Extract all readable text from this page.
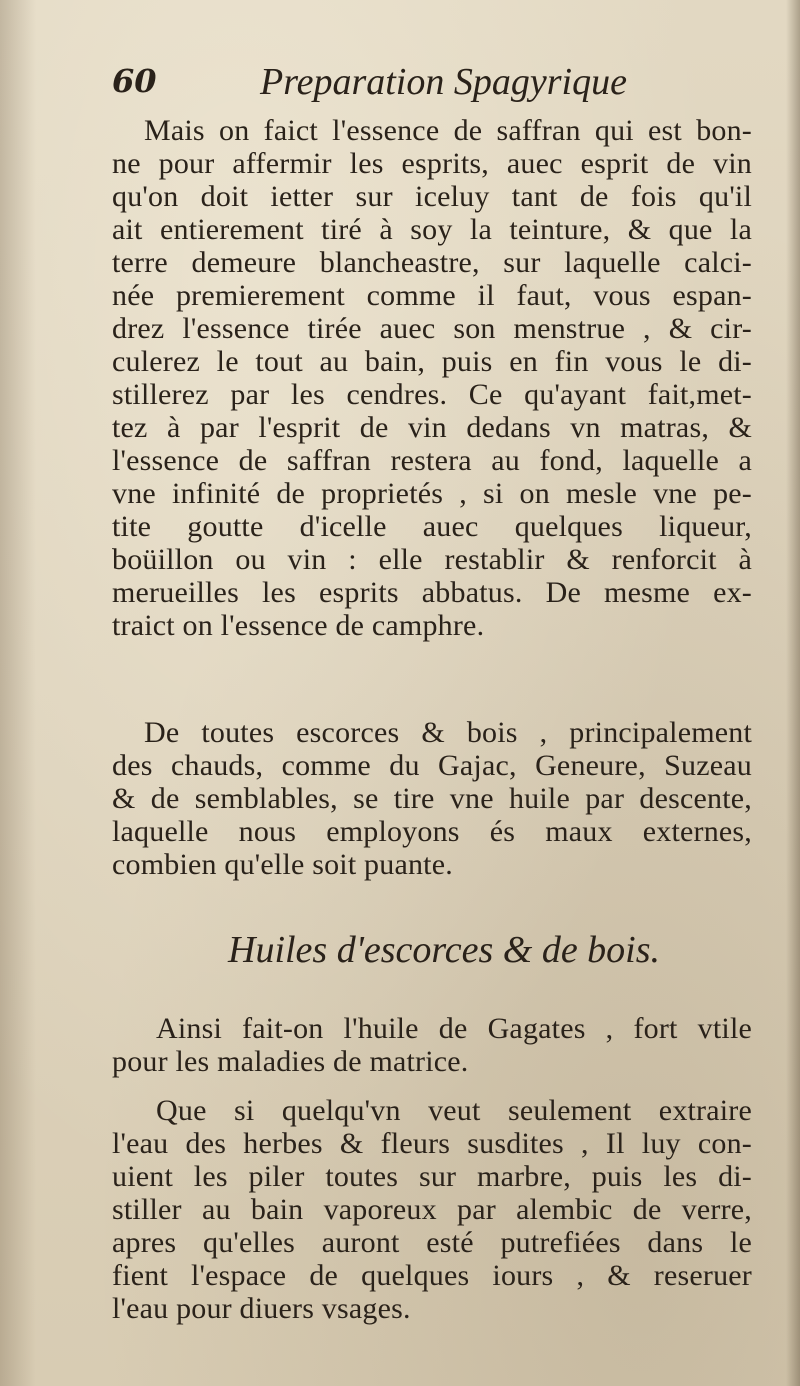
60	Preparation Spagyrique
Mais on faict l'essence de saffran qui est bon-
ne pour affermir les esprits, auec esprit de vin
qu'on doit ietter sur iceluy tant de fois qu'il
ait entierement tiré à soy la teinture, & que la
terre demeure blancheastre, sur laquelle calci-
née premierement comme il faut, vous espan-
drez l'essence tirée auec son menstrue , & cir-
culerez le tout au bain, puis en fin vous le di-
stillerez par les cendres. Ce qu'ayant fait,met-
tez à par l'esprit de vin dedans vn matras, &
l'essence de saffran restera au fond, laquelle a
vne infinité de proprietés , si on mesle vne pe-
tite goutte d'icelle auec quelques liqueur,
boüillon ou vin : elle restablir & renforcit à
merueilles les esprits abbatus. De mesme ex-
traict on l'essence de camphre.
De toutes escorces & bois , principalement
des chauds, comme du Gajac, Geneure, Suzeau
& de semblables, se tire vne huile par descente,
laquelle nous employons és maux externes,
combien qu'elle soit puante.
Huiles d'escorces & de bois.
Ainsi fait-on l'huile de Gagates , fort vtile
pour les maladies de matrice.
Que si quelqu'vn veut seulement extraire
l'eau des herbes & fleurs susdites , Il luy con-
uient les piler toutes sur marbre, puis les di-
stiller au bain vaporeux par alembic de verre,
apres qu'elles auront esté putrefiées dans le
fient l'espace de quelques iours , & reseruer
l'eau pour diuers vsages.
